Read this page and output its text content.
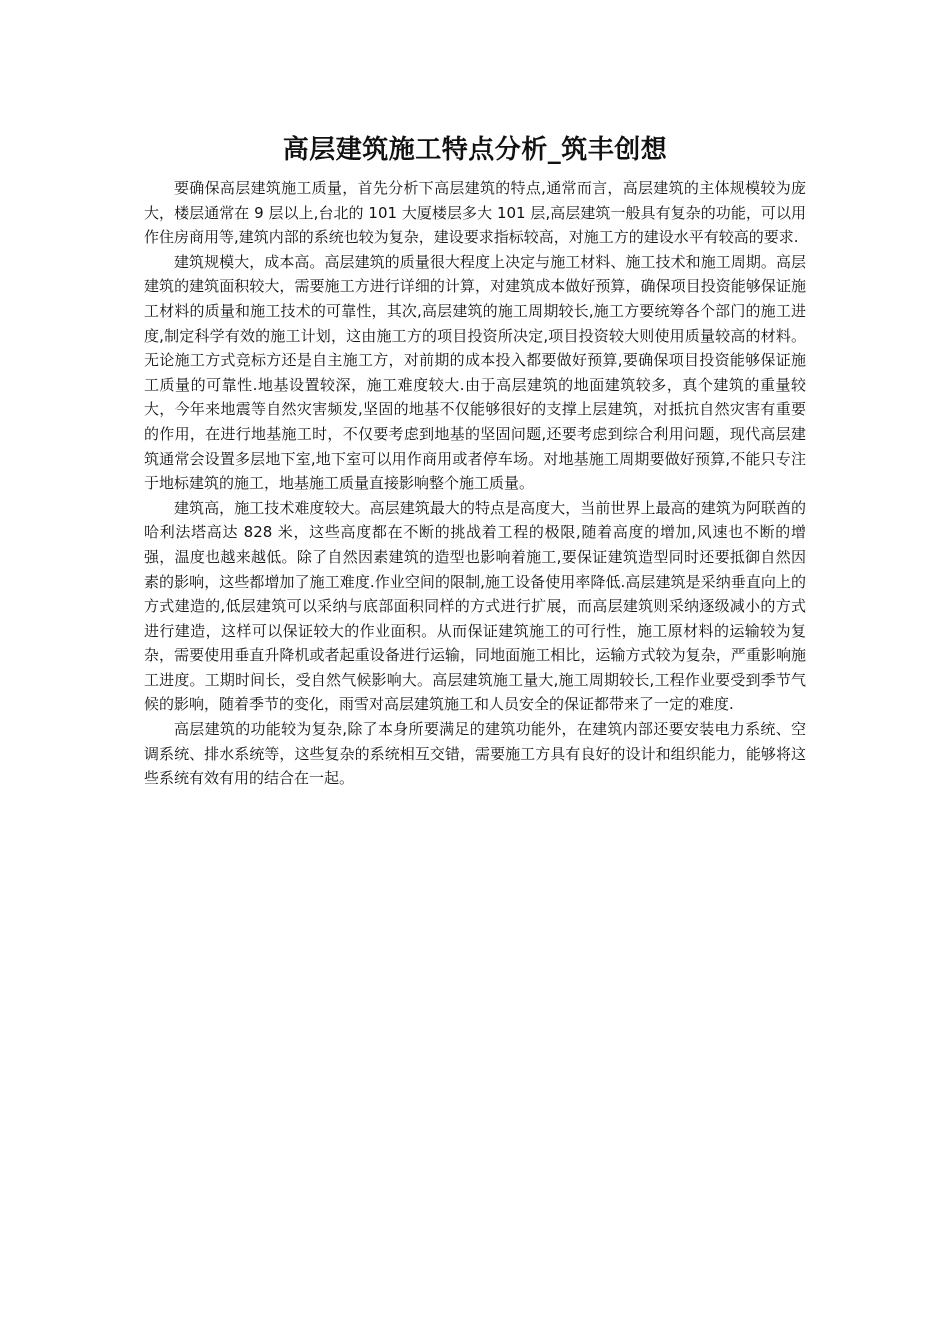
高层建筑施工特点分析_筑丰创想

要确保高层建筑施工质量，首先分析下高层建筑的特点,通常而言，高层建筑的主体规模较为庞大，楼层通常在 9 层以上,台北的 101 大厦楼层多大 101 层,高层建筑一般具有复杂的功能，可以用作住房商用等,建筑内部的系统也较为复杂，建设要求指标较高，对施工方的建设水平有较高的要求.

建筑规模大，成本高。高层建筑的质量很大程度上决定与施工材料、施工技术和施工周期。高层建筑的建筑面积较大，需要施工方进行详细的计算，对建筑成本做好预算，确保项目投资能够保证施工材料的质量和施工技术的可靠性，其次,高层建筑的施工周期较长,施工方要统筹各个部门的施工进度,制定科学有效的施工计划，这由施工方的项目投资所决定,项目投资较大则使用质量较高的材料。无论施工方式竞标方还是自主施工方，对前期的成本投入都要做好预算,要确保项目投资能够保证施工质量的可靠性.地基设置较深，施工难度较大.由于高层建筑的地面建筑较多，真个建筑的重量较大，今年来地震等自然灾害频发,坚固的地基不仅能够很好的支撑上层建筑，对抵抗自然灾害有重要的作用，在进行地基施工时，不仅要考虑到地基的坚固问题,还要考虑到综合利用问题，现代高层建筑通常会设置多层地下室,地下室可以用作商用或者停车场。对地基施工周期要做好预算,不能只专注于地标建筑的施工，地基施工质量直接影响整个施工质量。

建筑高，施工技术难度较大。高层建筑最大的特点是高度大，当前世界上最高的建筑为阿联酋的哈利法塔高达 828 米，这些高度都在不断的挑战着工程的极限,随着高度的增加,风速也不断的增强，温度也越来越低。除了自然因素建筑的造型也影响着施工,要保证建筑造型同时还要抵御自然因素的影响，这些都增加了施工难度.作业空间的限制,施工设备使用率降低.高层建筑是采纳垂直向上的方式建造的,低层建筑可以采纳与底部面积同样的方式进行扩展，而高层建筑则采纳逐级减小的方式进行建造，这样可以保证较大的作业面积。从而保证建筑施工的可行性，施工原材料的运输较为复杂，需要使用垂直升降机或者起重设备进行运输，同地面施工相比，运输方式较为复杂，严重影响施工进度。工期时间长，受自然气候影响大。高层建筑施工量大,施工周期较长,工程作业要受到季节气候的影响，随着季节的变化，雨雪对高层建筑施工和人员安全的保证都带来了一定的难度.

高层建筑的功能较为复杂,除了本身所要满足的建筑功能外，在建筑内部还要安装电力系统、空调系统、排水系统等，这些复杂的系统相互交错，需要施工方具有良好的设计和组织能力，能够将这些系统有效有用的结合在一起。
